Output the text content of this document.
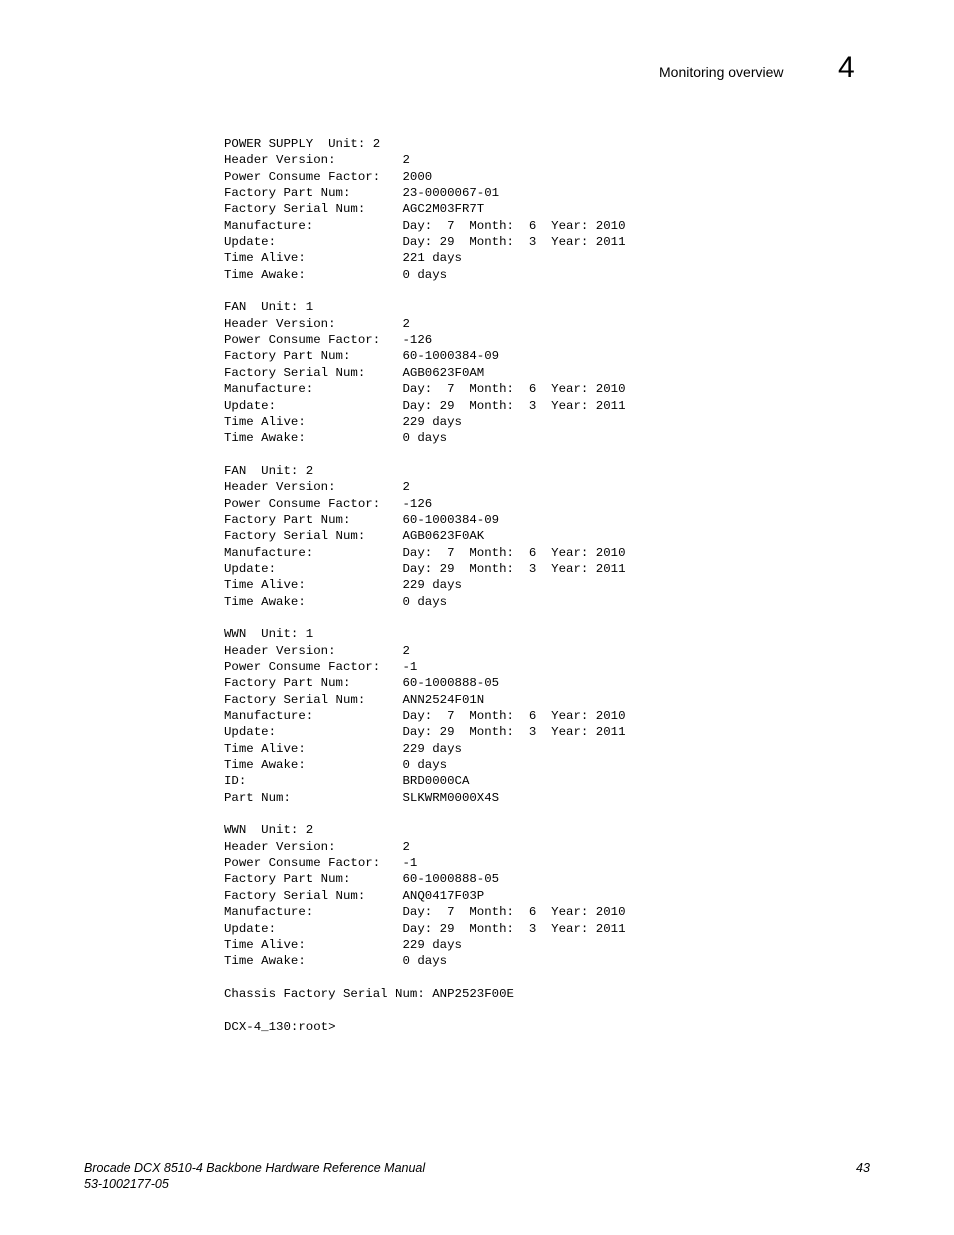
Monitoring overview 4
POWER SUPPLY  Unit: 2
Header Version:         2
Power Consume Factor:   2000
Factory Part Num:       23-0000067-01
Factory Serial Num:     AGC2M03FR7T
Manufacture:            Day:  7  Month:  6  Year: 2010
Update:                 Day: 29  Month:  3  Year: 2011
Time Alive:             221 days
Time Awake:             0 days
FAN  Unit: 1
Header Version:         2
Power Consume Factor:   -126
Factory Part Num:       60-1000384-09
Factory Serial Num:     AGB0623F0AM
Manufacture:            Day:  7  Month:  6  Year: 2010
Update:                 Day: 29  Month:  3  Year: 2011
Time Alive:             229 days
Time Awake:             0 days
FAN  Unit: 2
Header Version:         2
Power Consume Factor:   -126
Factory Part Num:       60-1000384-09
Factory Serial Num:     AGB0623F0AK
Manufacture:            Day:  7  Month:  6  Year: 2010
Update:                 Day: 29  Month:  3  Year: 2011
Time Alive:             229 days
Time Awake:             0 days
WWN  Unit: 1
Header Version:         2
Power Consume Factor:   -1
Factory Part Num:       60-1000888-05
Factory Serial Num:     ANN2524F01N
Manufacture:            Day:  7  Month:  6  Year: 2010
Update:                 Day: 29  Month:  3  Year: 2011
Time Alive:             229 days
Time Awake:             0 days
ID:                     BRD0000CA
Part Num:               SLKWRM0000X4S
WWN  Unit: 2
Header Version:         2
Power Consume Factor:   -1
Factory Part Num:       60-1000888-05
Factory Serial Num:     ANQ0417F03P
Manufacture:            Day:  7  Month:  6  Year: 2010
Update:                 Day: 29  Month:  3  Year: 2011
Time Alive:             229 days
Time Awake:             0 days
Chassis Factory Serial Num: ANP2523F00E
DCX-4_130:root>
Brocade DCX 8510-4 Backbone Hardware Reference Manual
53-1002177-05
43
